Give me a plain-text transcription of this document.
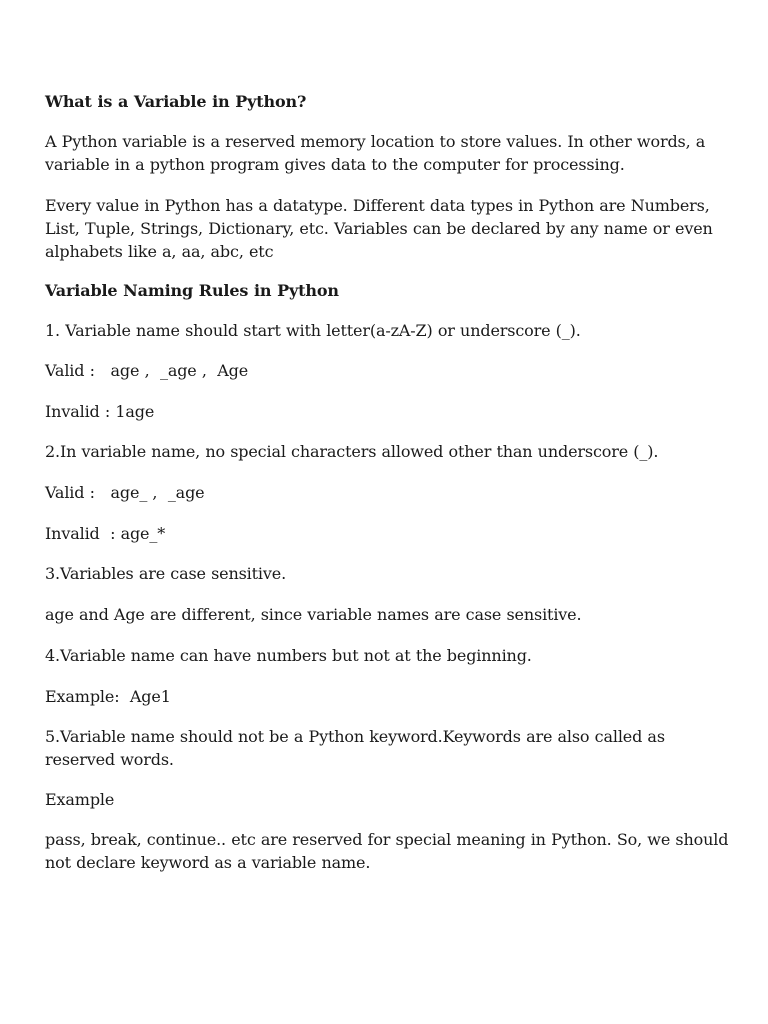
What is a Variable in Python?

A Python variable is a reserved memory location to store values. In other words, a variable in a python program gives data to the computer for processing.

Every value in Python has a datatype. Different data types in Python are Numbers, List, Tuple, Strings, Dictionary, etc. Variables can be declared by any name or even alphabets like a, aa, abc, etc

Variable Naming Rules in Python

1. Variable name should start with letter(a-zA-Z) or underscore (_).

Valid :   age ,  _age ,  Age

Invalid : 1age

2.In variable name, no special characters allowed other than underscore (_).

Valid :   age_ ,  _age

Invalid  : age_*

3.Variables are case sensitive.

age and Age are different, since variable names are case sensitive.

4.Variable name can have numbers but not at the beginning.

Example:  Age1

5.Variable name should not be a Python keyword.Keywords are also called as reserved words.

Example

pass, break, continue.. etc are reserved for special meaning in Python. So, we should not declare keyword as a variable name.
